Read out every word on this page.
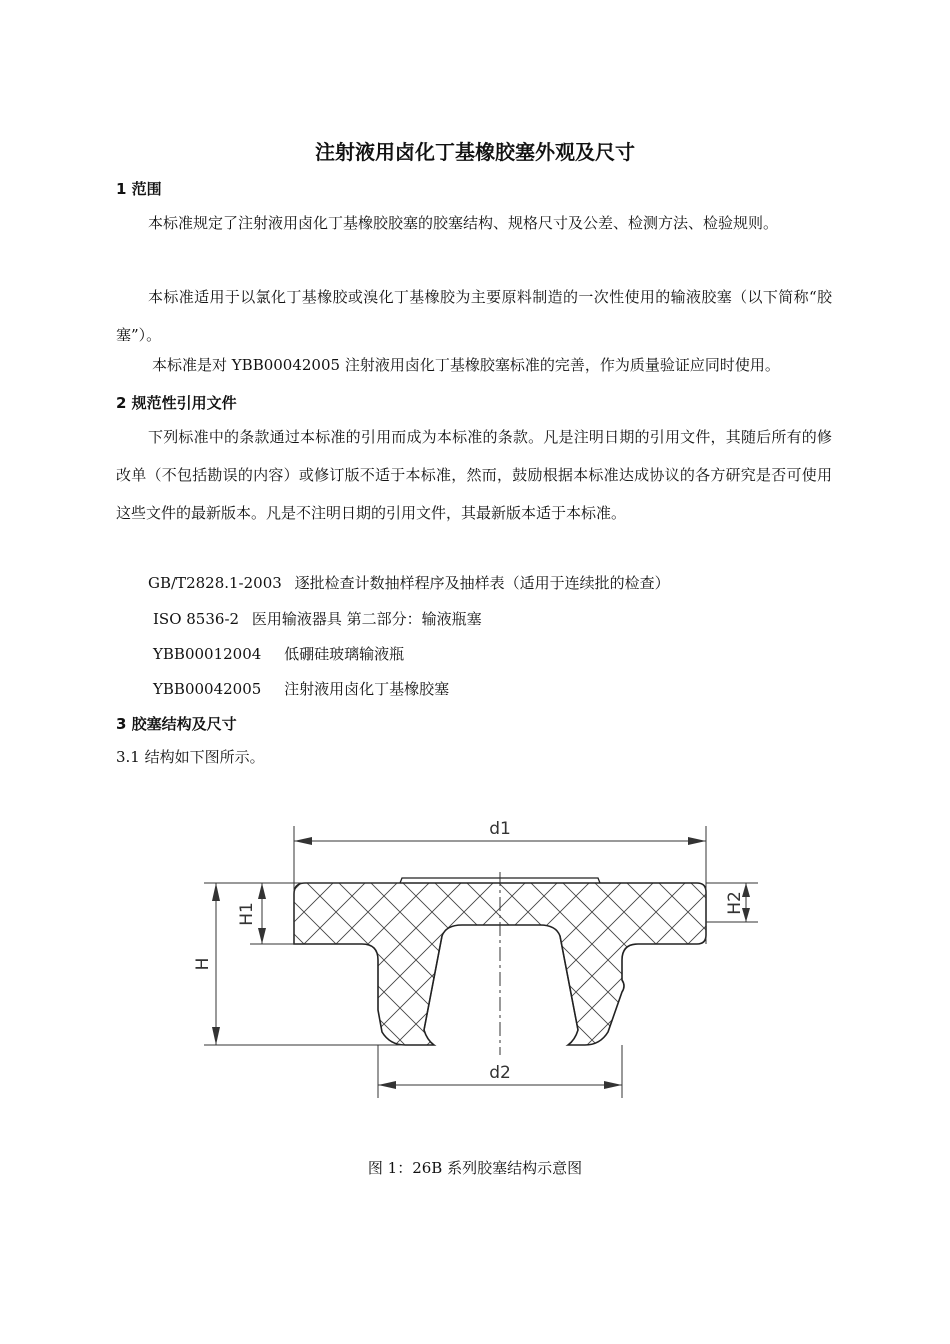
注射液用卤化丁基橡胶塞外观及尺寸
1 范围
本标准规定了注射液用卤化丁基橡胶胶塞的胶塞结构、规格尺寸及公差、检测方法、检验规则。
本标准适用于以氯化丁基橡胶或溴化丁基橡胶为主要原料制造的一次性使用的输液胶塞（以下简称“胶塞”）。
本标准是对 YBB00042005 注射液用卤化丁基橡胶塞标准的完善，作为质量验证应同时使用。
2 规范性引用文件
下列标准中的条款通过本标准的引用而成为本标准的条款。凡是注明日期的引用文件，其随后所有的修改单（不包括勘误的内容）或修订版不适于本标准，然而，鼓励根据本标准达成协议的各方研究是否可使用这些文件的最新版本。凡是不注明日期的引用文件，其最新版本适于本标准。
GB/T2828.1-2003 逐批检查计数抽样程序及抽样表（适用于连续批的检查）
ISO 8536-2 医用输液器具 第二部分：输液瓶塞
YBB00012004 低硼硅玻璃输液瓶
YBB00042005 注射液用卤化丁基橡胶塞
3 胶塞结构及尺寸
3.1 结构如下图所示。
d1
d2
H
H1	H2
图 1：26B 系列胶塞结构示意图
